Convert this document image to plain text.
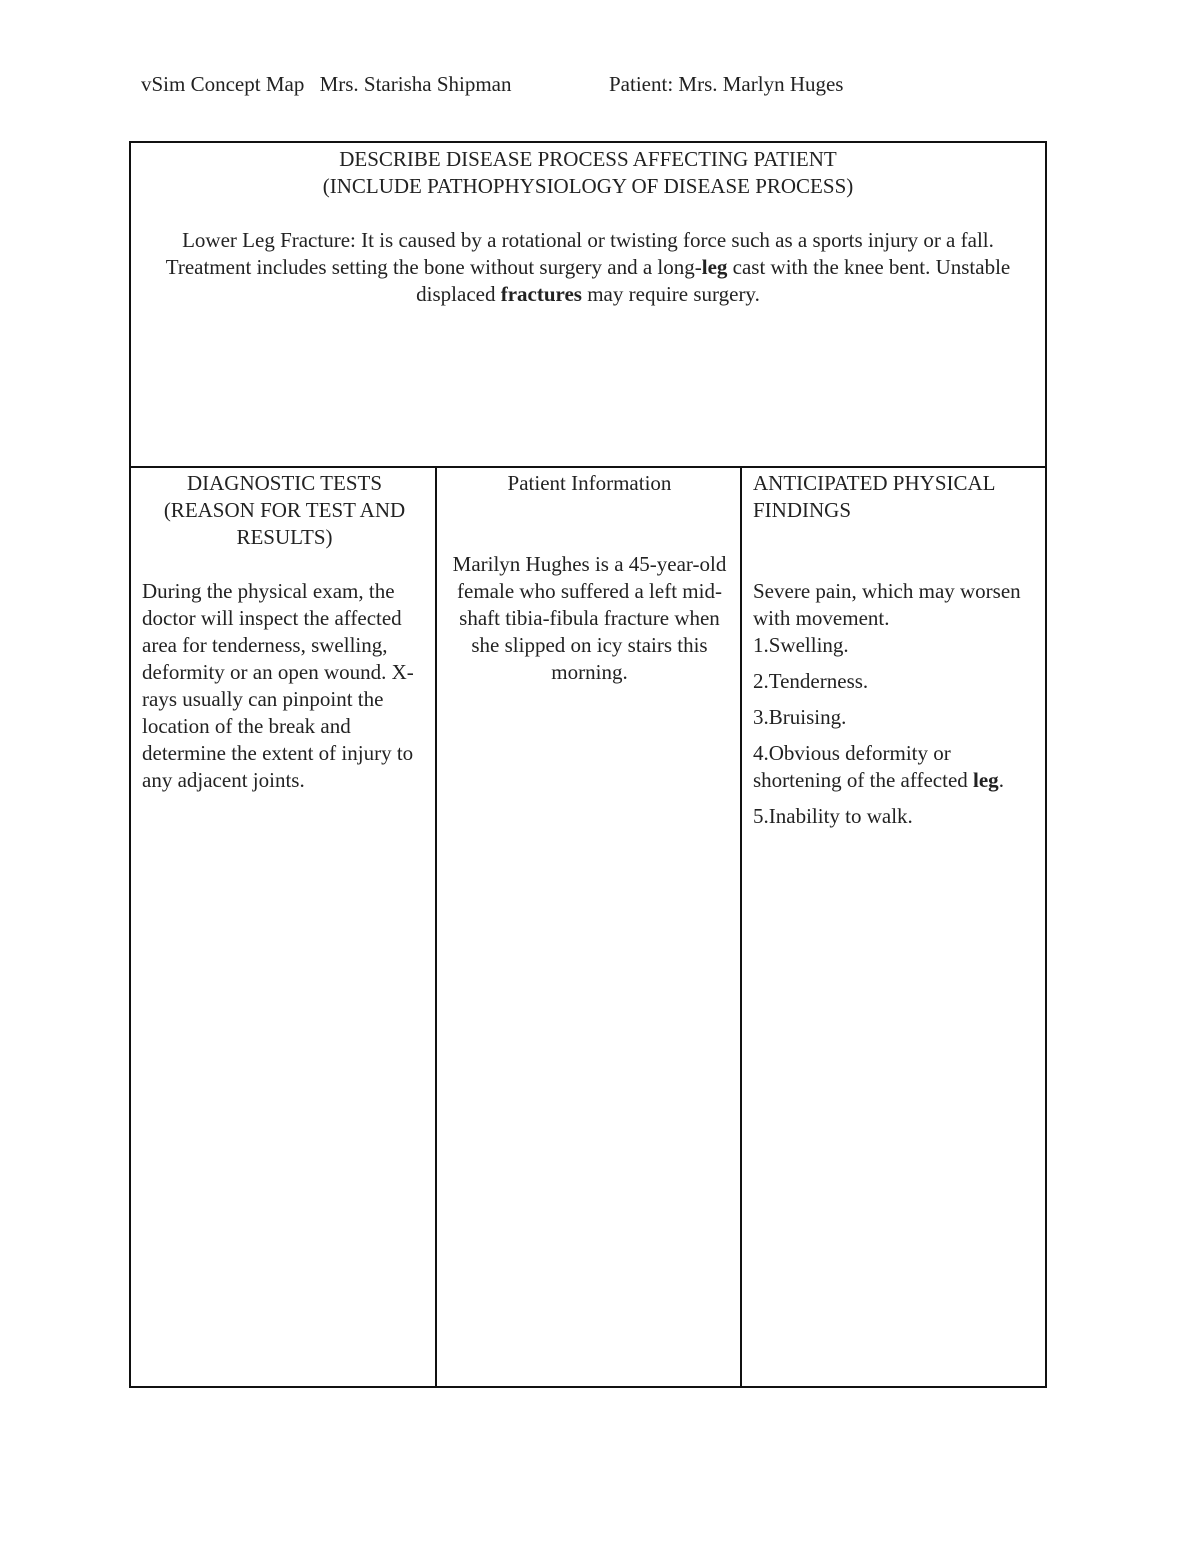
vSim Concept Map Mrs. Starisha Shipman	Patient: Mrs. Marlyn Huges
DESCRIBE DISEASE PROCESS AFFECTING PATIENT
(INCLUDE PATHOPHYSIOLOGY OF DISEASE PROCESS)
Lower Leg Fracture: It is caused by a rotational or twisting force such as a sports injury or a fall. Treatment includes setting the bone without surgery and a long-leg cast with the knee bent. Unstable displaced fractures may require surgery.
DIAGNOSTIC TESTS (REASON FOR TEST AND RESULTS)
During the physical exam, the doctor will inspect the affected area for tenderness, swelling, deformity or an open wound. X-rays usually can pinpoint the location of the break and determine the extent of injury to any adjacent joints.
Patient Information
Marilyn Hughes is a 45-year-old female who suffered a left mid-shaft tibia-fibula fracture when she slipped on icy stairs this morning.
ANTICIPATED PHYSICAL FINDINGS
Severe pain, which may worsen with movement.
1.Swelling.
2.Tenderness.
3.Bruising.
4.Obvious deformity or shortening of the affected leg.
5.Inability to walk.
